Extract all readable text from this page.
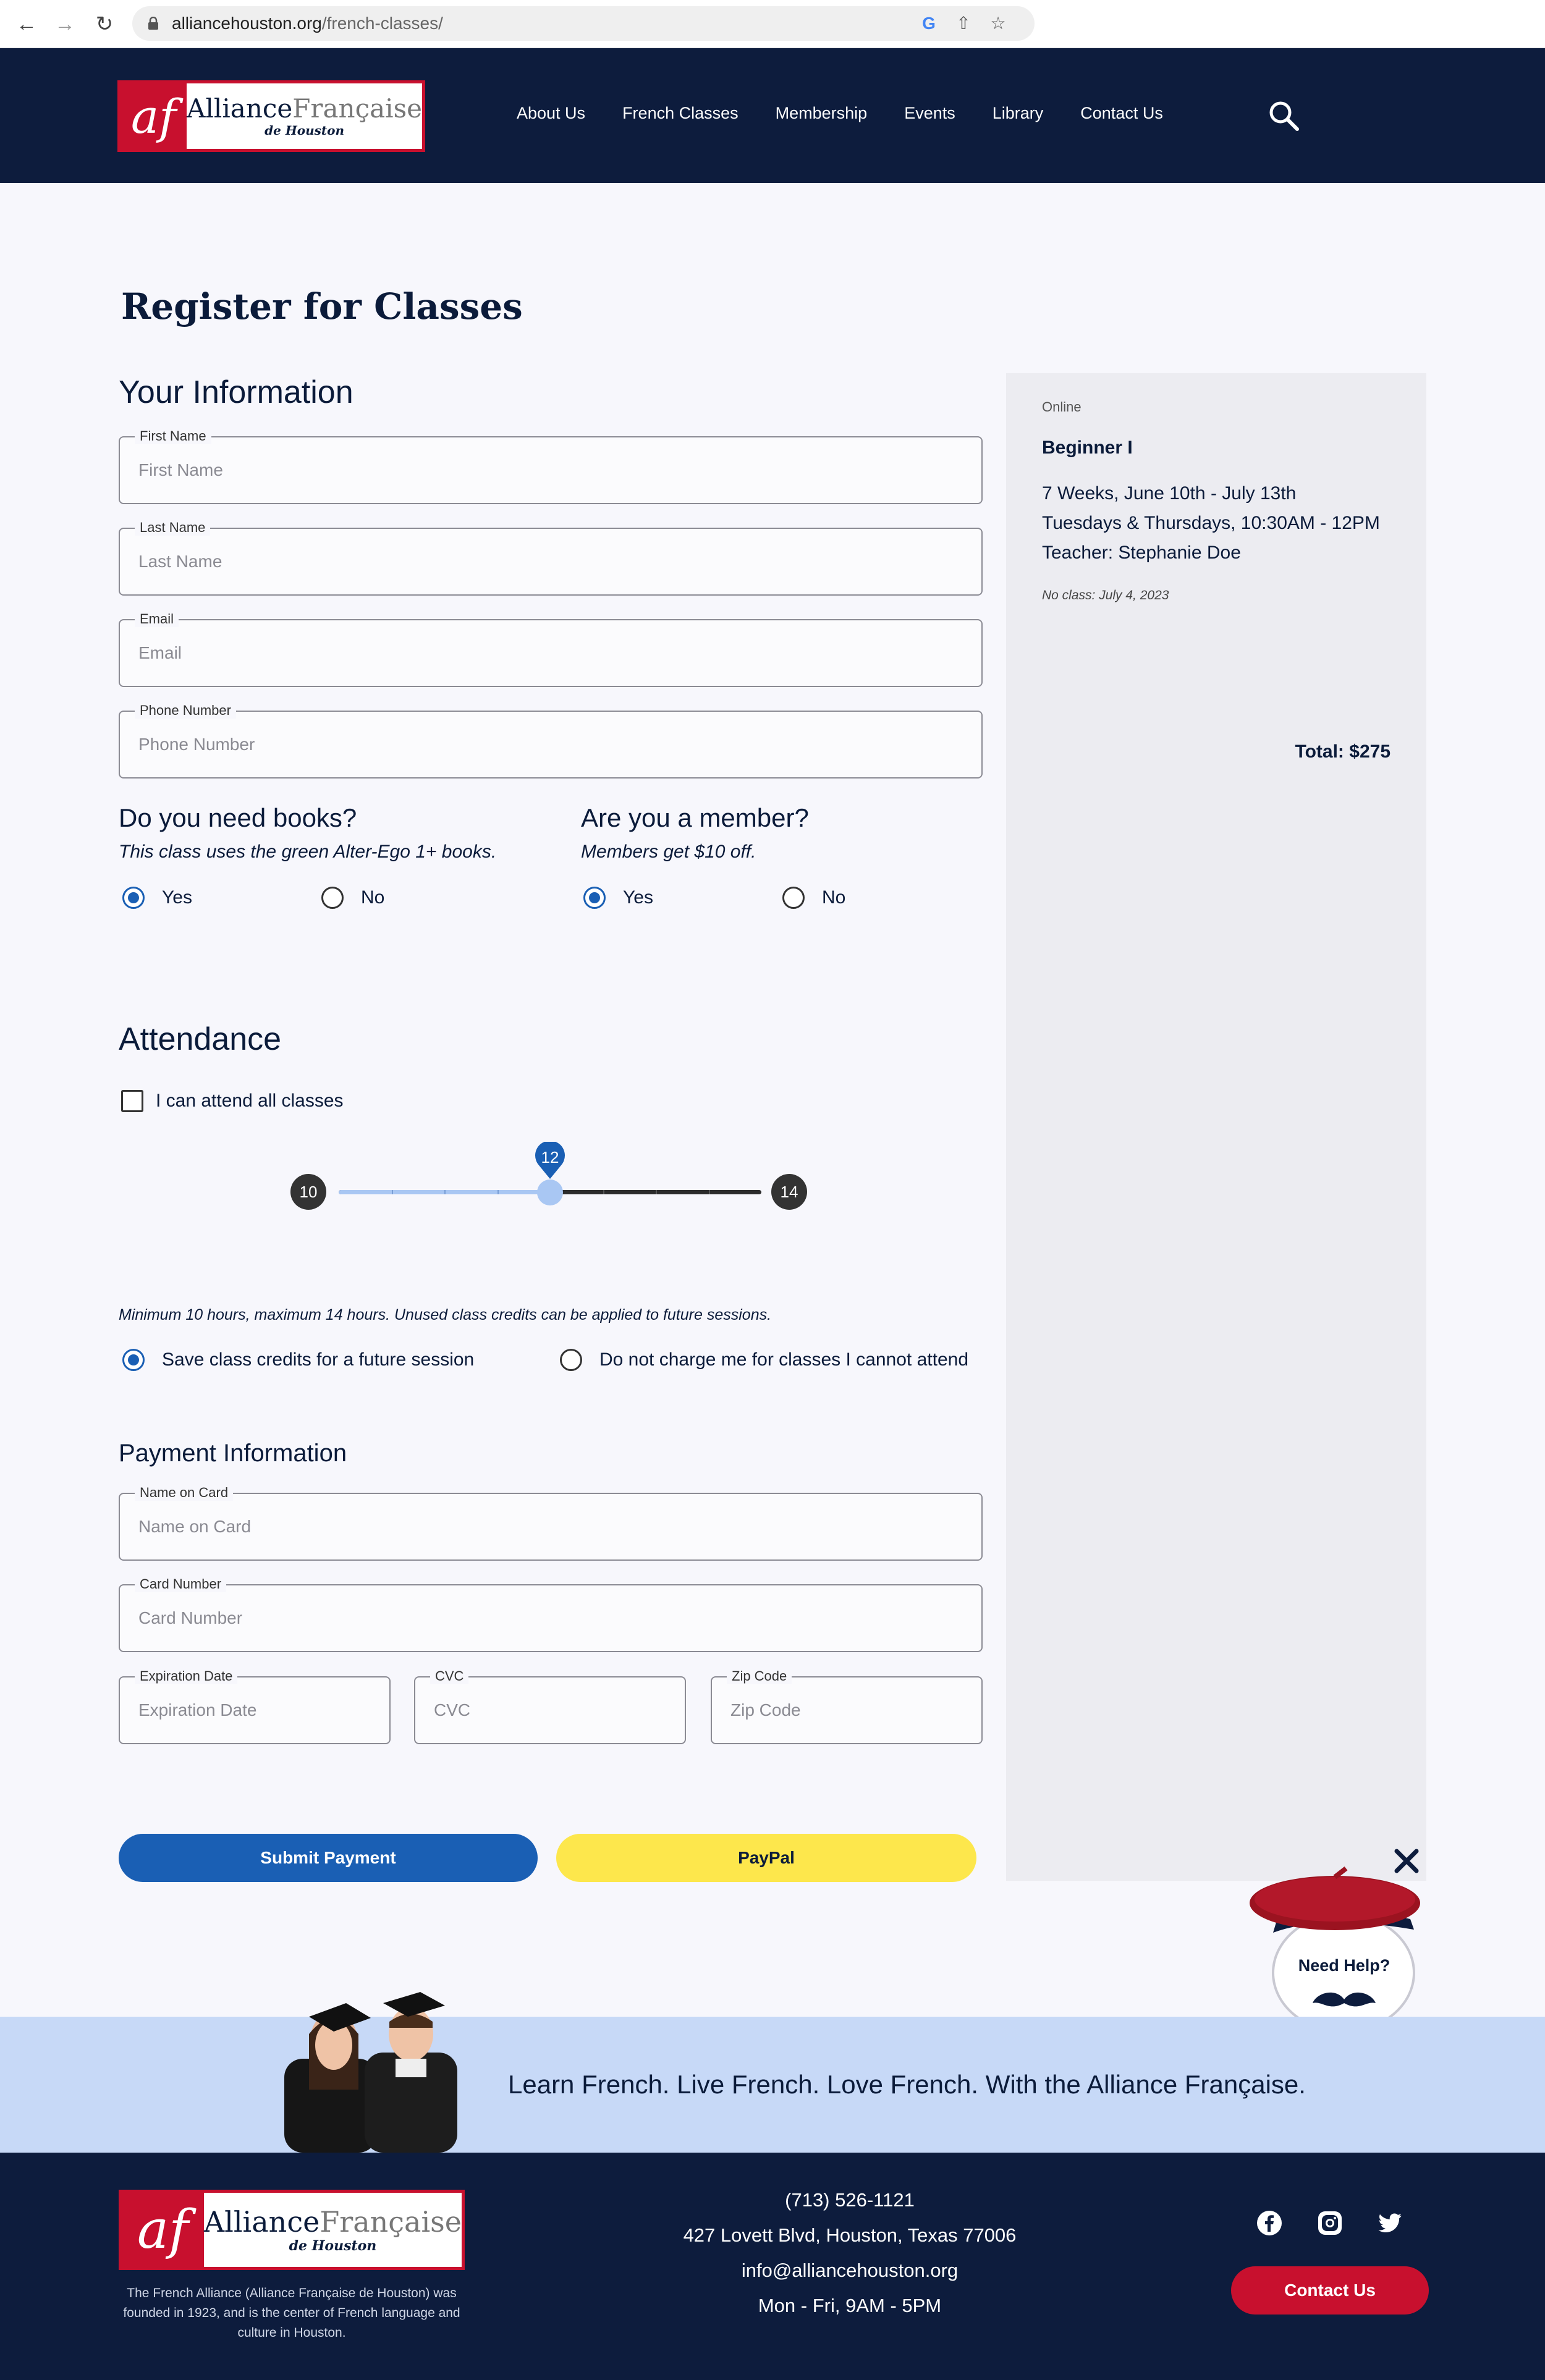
← → ↻	alliancehouston.org/french-classes/	G	⇧	☆
af AllianceFrançaise
de Houston
About Us French Classes Membership Events Library Contact Us
Register for Classes
Your Information
First Name
First Name
Last Name
Last Name
Email
Email
Phone Number
Phone Number
Do you need books?
This class uses the green Alter-Ego 1+ books.
Yes	No
Are you a member?
Members get $10 off.
Yes	No
Attendance
I can attend all classes
10	14
12
Minimum 10 hours, maximum 14 hours. Unused class credits can be applied to future sessions.
Save class credits for a future session	Do not charge me for classes I cannot attend
Payment Information
Name on Card
Name on Card
Card Number
Card Number
Expiration Date
Expiration Date
CVC
CVC
Zip Code
Zip Code
Submit Payment	PayPal
Online
Beginner I
7 Weeks, June 10th - July 13th
Tuesdays & Thursdays, 10:30AM - 12PM
Teacher: Stephanie Doe
No class: July 4, 2023
Total: $275
Need Help?
Learn French. Live French. Love French. With the Alliance Française.
af AllianceFrançaise
de Houston
The French Alliance (Alliance Française de Houston) was founded in 1923, and is the center of French language and culture in Houston.
(713) 526-1121
427 Lovett Blvd, Houston, Texas 77006
info@alliancehouston.org
Mon - Fri, 9AM - 5PM
Contact Us
